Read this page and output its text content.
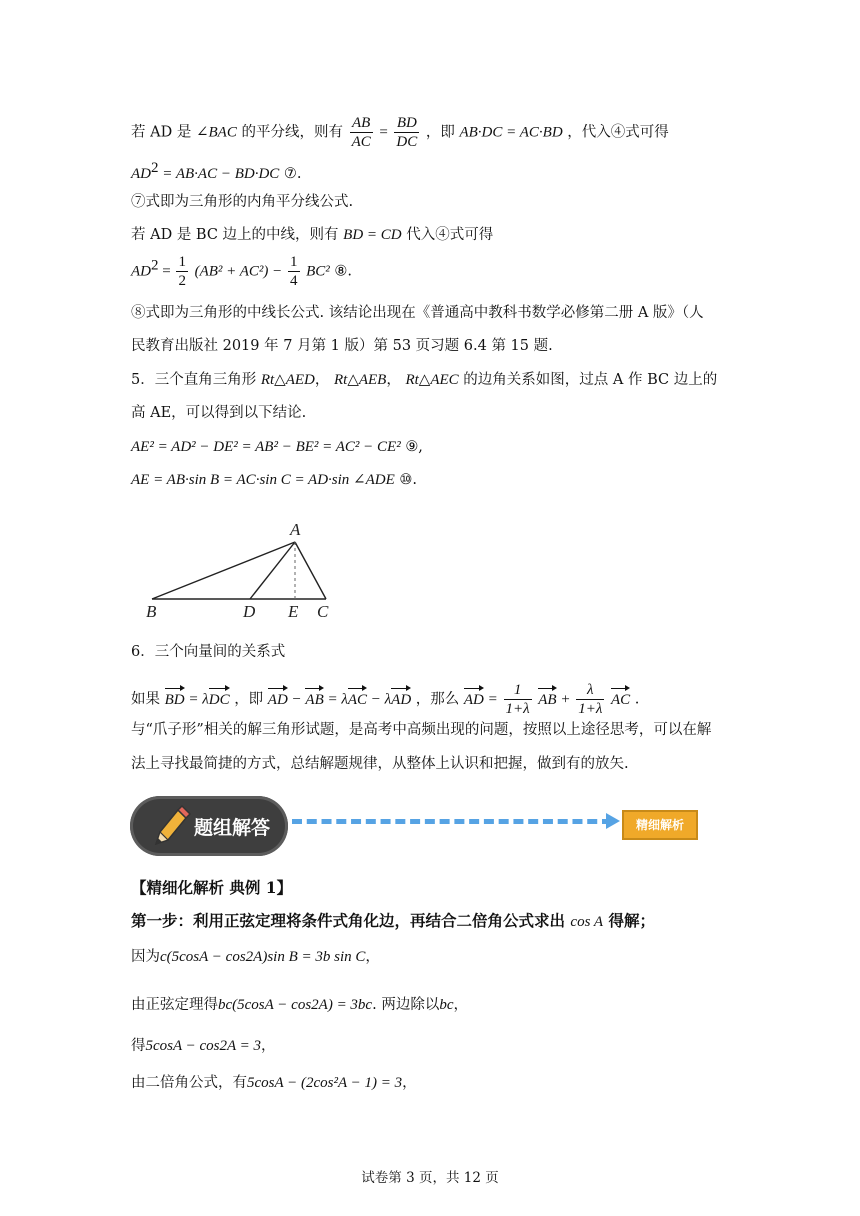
若 AD 是 ∠BAC 的平分线，则有 $\frac{AB}{AC} = \frac{BD}{DC}$ ，即 AB·DC = AC·BD ，代入④式可得
$AD^2 = AB\cdot AC - BD\cdot DC$ ⑦.
⑦式即为三角形的内角平分线公式.
若 AD 是 BC 边上的中线，则有 BD = CD 代入④式可得
$AD^2 = \frac{1}{2} (AB^2 + AC^2) - \frac{1}{4} BC^2$ ⑧.
⑧式即为三角形的中线长公式. 该结论出现在《普通高中教科书数学必修第二册 A 版》（人
民教育出版社 2019 年 7 月第 1 版）第 53 页习题 6.4 第 15 题.
5．三个直角三角形 Rt△AED， Rt△AEB， Rt△AEC 的边角关系如图，过点 A 作 BC 边上的
高 AE，可以得到以下结论.
AE² = AD² − DE² = AB² − BE² = AC² − CE² ⑨,
AE = AB·sin B = AC·sin C = AD·sin ∠ADE ⑩.
A
B	D E C
6．三个向量间的关系式
如果 BD = λDC ，即 AD − AB = λAC − λAD ，那么 AD = $\frac{1}{1+\lambda}$ AB + $\frac{\lambda}{1+\lambda}$ AC .
与“爪子形”相关的解三角形试题，是高考中高频出现的问题，按照以上途径思考，可以在解
法上寻找最简捷的方式，总结解题规律，从整体上认识和把握，做到有的放矢.
题组解答	精细解析
【精细化解析 典例 1】
第一步：利用正弦定理将条件式角化边，再结合二倍角公式求出 cos A 得解；
因为c(5cosA − cos2A)sin B = 3b sin C，
由正弦定理得bc(5cosA − cos2A) = 3bc. 两边除以bc，
得5cosA − cos2A = 3，
由二倍角公式，有5cosA − (2cos²A − 1) = 3，
试卷第 3 页，共 12 页
